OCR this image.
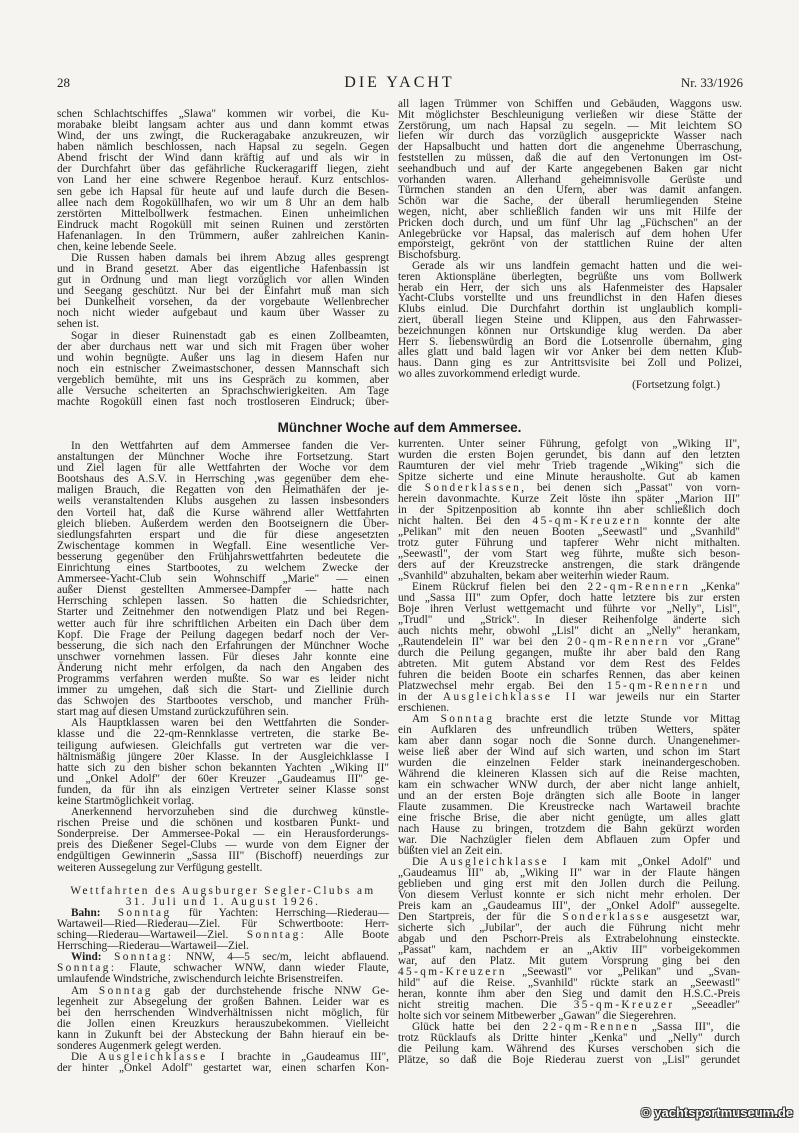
28	DIE YACHT	Nr. 33/1926
schen Schlachtschiffes „Slawa" kommen wir vorbei, die Ku-
morabake bleibt langsam achter aus und dann kommt etwas
Wind, der uns zwingt, die Ruckeragabake anzukreuzen, wir
haben nämlich beschlossen, nach Hapsal zu segeln. Gegen
Abend frischt der Wind dann kräftig auf und als wir in
der Durchfahrt über das gefährliche Ruckeragariff liegen, zieht
von Land her eine schwere Regenboe herauf. Kurz entschlos-
sen gebe ich Hapsal für heute auf und laufe durch die Besen-
allee nach dem Rogoküllhafen, wo wir um 8 Uhr an dem halb
zerstörten Mittelbollwerk festmachen. Einen unheimlichen
Eindruck macht Rogoküll mit seinen Ruinen und zerstörten
Hafenanlagen. In den Trümmern, außer zahlreichen Kanin-
chen, keine lebende Seele.
Die Russen haben damals bei ihrem Abzug alles gesprengt
und in Brand gesetzt. Aber das eigentliche Hafenbassin ist
gut in Ordnung und man liegt vorzüglich vor allen Winden
und Seegang geschützt. Nur bei der Einfahrt muß man sich
bei Dunkelheit vorsehen, da der vorgebaute Wellenbrecher
noch nicht wieder aufgebaut und kaum über Wasser zu
sehen ist.
Sogar in dieser Ruinenstadt gab es einen Zollbeamten,
der aber durchaus nett war und sich mit Fragen über woher
und wohin begnügte. Außer uns lag in diesem Hafen nur
noch ein estnischer Zweimastschoner, dessen Mannschaft sich
vergeblich bemühte, mit uns ins Gespräch zu kommen, aber
alle Versuche scheiterten an Sprachschwierigkeiten. Am Tage
machte Rogoküll einen fast noch trostloseren Eindruck; über-
all lagen Trümmer von Schiffen und Gebäuden, Waggons usw.
Mit möglichster Beschleunigung verließen wir diese Stätte der
Zerstörung, um nach Hapsal zu segeln. — Mit leichtem SO
liefen wir durch das vorzüglich ausgeprickte Wasser nach
der Hapsalbucht und hatten dort die angenehme Überraschung,
feststellen zu müssen, daß die auf den Vertonungen im Ost-
seehandbuch und auf der Karte angegebenen Baken gar nicht
vorhanden waren. Allerhand geheimnisvolle Gerüste und
Türmchen standen an den Ufern, aber was damit anfangen.
Schön war die Sache, der überall herumliegenden Steine
wegen, nicht, aber schließlich fanden wir uns mit Hilfe der
Pricken doch durch, und um fünf Uhr lag „Füchschen" an der
Anlegebrücke vor Hapsal, das malerisch auf dem hohen Ufer
emporsteigt, gekrönt von der stattlichen Ruine der alten
Bischofsburg.
Gerade als wir uns landfein gemacht hatten und die wei-
teren Aktionspläne überlegten, begrüßte uns vom Bollwerk
herab ein Herr, der sich uns als Hafenmeister des Hapsaler
Yacht-Clubs vorstellte und uns freundlichst in den Hafen dieses
Klubs einlud. Die Durchfahrt dorthin ist unglaublich kompli-
ziert, überall liegen Steine und Klippen, aus den Fahrwasser-
bezeichnungen können nur Ortskundige klug werden. Da aber
Herr S. liebenswürdig an Bord die Lotsenrolle übernahm, ging
alles glatt und bald lagen wir vor Anker bei dem netten Klub-
haus. Dann ging es zur Antrittsvisite bei Zoll und Polizei,
wo alles zuvorkommend erledigt wurde.
(Fortsetzung folgt.)
Münchner Woche auf dem Ammersee.
In den Wettfahrten auf dem Ammersee fanden die Ver-
anstaltungen der Münchner Woche ihre Fortsetzung. Start
und Ziel lagen für alle Wettfahrten der Woche vor dem
Bootshaus des A.S.V. in Herrsching ,was gegenüber dem ehe-
maligen Brauch, die Regatten von den Heimathäfen der je-
weils veranstaltenden Klubs ausgehen zu lassen insbesonders
den Vorteil hat, daß die Kurse während aller Wettfahrten
gleich blieben. Außerdem werden den Bootseignern die Über-
siedlungsfahrten erspart und die für diese angesetzten
Zwischentage kommen in Wegfall. Eine wesentliche Ver-
besserung gegenüber den Frühjahrswettfahrten bedeutete die
Einrichtung eines Startbootes, zu welchem Zwecke der
Ammersee-Yacht-Club sein Wohnschiff „Marie" — einen
außer Dienst gestellten Ammersee-Dampfer — hatte nach
Herrsching schlepen lassen. So hatten die Schiedsrichter,
Starter und Zeitnehmer den notwendigen Platz und bei Regen-
wetter auch für ihre schriftlichen Arbeiten ein Dach über dem
Kopf. Die Frage der Peilung dagegen bedarf noch der Ver-
besserung, die sich nach den Erfahrungen der Münchner Woche
unschwer vornehmen lassen. Für dieses Jahr konnte eine
Änderung nicht mehr erfolgen, da nach den Angaben des
Programms verfahren werden mußte. So war es leider nicht
immer zu umgehen, daß sich die Start- und Ziellinie durch
das Schwojen des Startbootes verschob, und mancher Früh-
start mag auf diesen Umstand zurückzuführen sein.
Als Hauptklassen waren bei den Wettfahrten die Sonder-
klasse und die 22-qm-Rennklasse vertreten, die starke Be-
teiligung aufwiesen. Gleichfalls gut vertreten war die ver-
hältnismäßig jüngere 20er Klasse. In der Ausgleichklasse I
hatte sich zu den bisher schon bekannten Yachten „Wiking II"
und „Onkel Adolf" der 60er Kreuzer „Gaudeamus III" ge-
funden, da für ihn als einzigen Vertreter seiner Klasse sonst
keine Startmöglichkeit vorlag.
Anerkennend hervorzuheben sind die durchweg künstle-
rischen Preise und die schönen und kostbaren Punkt- und
Sonderpreise. Der Ammersee-Pokal — ein Herausforderungs-
preis des Dießener Segel-Clubs — wurde von dem Eigner der
endgültigen Gewinnerin „Sassa III" (Bischoff) neuerdings zur
weiteren Aussegelung zur Verfügung gestellt.
Wettfahrten des Augsburger Segler-Clubs am
31. Juli und 1. August 1926.
Bahn: Sonntag für Yachten: Herrsching—Riederau—
Wartaweil—Ried—Riederau—Ziel. Für Schwertboote: Herr-
sching—Riederau—Wartaweil—Ziel. Sonntag: Alle Boote
Herrsching—Riederau—Wartaweil—Ziel.
Wind: Sonntag: NNW, 4—5 sec/m, leicht abflauend.
Sonntag: Flaute, schwacher WNW, dann wieder Flaute,
umlaufende Windstriche, zwischendurch leichte Brisenstreifen.
Am Sonntag gab der durchstehende frische NNW Ge-
legenheit zur Absegelung der großen Bahnen. Leider war es
bei den herrschenden Windverhältnissen nicht möglich, für
die Jollen einen Kreuzkurs herauszubekommen. Vielleicht
kann in Zukunft bei der Absteckung der Bahn hierauf ein be-
sonderes Augenmerk gelegt werden.
Die Ausgleichklasse I brachte in „Gaudeamus III",
der hinter „Onkel Adolf" gestartet war, einen scharfen Kon-
kurrenten. Unter seiner Führung, gefolgt von „Wiking II",
wurden die ersten Bojen gerundet, bis dann auf den letzten
Raumturen der viel mehr Trieb tragende „Wiking" sich die
Spitze sicherte und eine Minute herausholte. Gut ab kamen
die Sonderklassen, bei denen sich „Passat" von vorn-
herein davonmachte. Kurze Zeit löste ihn später „Marion III"
in der Spitzenposition ab konnte ihn aber schließlich doch
nicht halten. Bei den 45-qm-Kreuzern konnte der alte
„Pelikan" mit den neuen Booten „Seewastl" und „Svanhild"
trotz guter Führung und tapferer Wehr nicht mithalten.
„Seewastl", der vom Start weg führte, mußte sich beson-
ders auf der Kreuzstrecke anstrengen, die stark drängende
„Svanhild" abzuhalten, bekam aber weiterhin wieder Raum.
Einem Rückruf fielen bei den 22-qm-Rennern „Kenka"
und „Sassa III" zum Opfer, doch hatte letztere bis zur ersten
Boje ihren Verlust wettgemacht und führte vor „Nelly", Lisl",
„Trudl" und „Strick". In dieser Reihenfolge änderte sich
auch nichts mehr, obwohl „Lisl" dicht an „Nelly" herankam,
„Rautendelein II" war bei den 20-qm-Rennern vor „Grane"
durch die Peilung gegangen, mußte ihr aber bald den Rang
abtreten. Mit gutem Abstand vor dem Rest des Feldes
fuhren die beiden Boote ein scharfes Rennen, das aber keinen
Platzwechsel mehr ergab. Bei den 15-qm-Rennern und
in der Ausgleichklasse II war jeweils nur ein Starter
erschienen.
Am Sonntag brachte erst die letzte Stunde vor Mittag
ein Aufklaren des unfreundlich trüben Wetters, später
kam aber dann sogar noch die Sonne durch. Unangenehmer-
weise ließ aber der Wind auf sich warten, und schon im Start
wurden die einzelnen Felder stark ineinandergeschoben.
Während die kleineren Klassen sich auf die Reise machten,
kam ein schwacher WNW durch, der aber nicht lange anhielt,
und an der ersten Boje drängten sich alle Boote in langer
Flaute zusammen. Die Kreustrecke nach Wartaweil brachte
eine frische Brise, die aber nicht genügte, um alles glatt
nach Hause zu bringen, trotzdem die Bahn gekürzt worden
war. Die Nachzügler fielen dem Abflauen zum Opfer und
büßten viel an Zeit ein.
Die Ausgleichklasse I kam mit „Onkel Adolf" und
„Gaudeamus III" ab, „Wiking II" war in der Flaute hängen
geblieben und ging erst mit den Jollen durch die Peilung.
Von diesem Verlust konnte er sich nicht mehr erholen. Der
Preis kam an „Gaudeamus III", der „Onkel Adolf" aussegelte.
Den Startpreis, der für die Sonderklasse ausgesetzt war,
sicherte sich „Jubilar", der auch die Führung nicht mehr
abgab und den Pschorr-Preis als Extrabelohnung einsteckte.
„Passat" kam, nachdem er an „Aktiv III" vorbeigekommen
war, auf den Platz. Mit gutem Vorsprung ging bei den
45-qm-Kreuzern „Seewastl" vor „Pelikan" und „Svan-
hild" auf die Reise. „Svanhild" rückte stark an „Seewastl"
heran, konnte ihm aber den Sieg und damit den H.S.C.-Preis
nicht streitig machen. Die 35-qm-Kreuzer „Seeadler"
holte sich vor seinem Mitbewerber „Gawan" die Siegerehren.
Glück hatte bei den 22-qm-Rennen „Sassa III", die
trotz Rücklaufs als Dritte hinter „Kenka" und „Nelly" durch
die Peilung kam. Während des Kurses verschoben sich die
Plätze, so daß die Boje Riederau zuerst von „Lisl" gerundet
© yachtsportmuseum.de
